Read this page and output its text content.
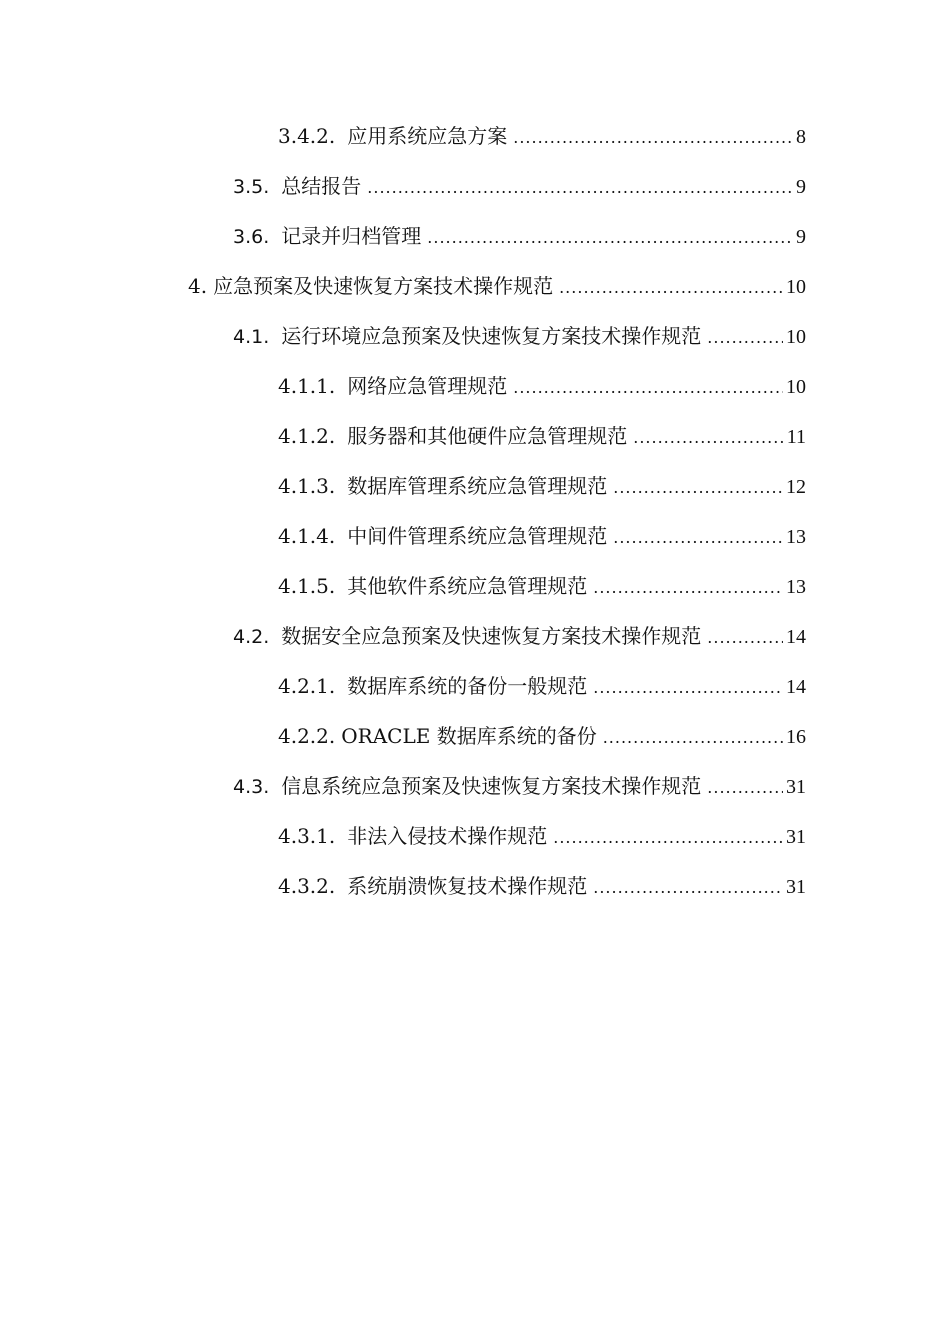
3.4.2. 应用系统应急方案 .....	8
3.5. 总结报告 .....	9
3.6. 记录并归档管理 .....	9
4. 应急预案及快速恢复方案技术操作规范 .....	10
4.1. 运行环境应急预案及快速恢复方案技术操作规范 .....	10
4.1.1. 网络应急管理规范 .....	10
4.1.2. 服务器和其他硬件应急管理规范 .....	11
4.1.3. 数据库管理系统应急管理规范 .....	12
4.1.4. 中间件管理系统应急管理规范 .....	13
4.1.5. 其他软件系统应急管理规范 .....	13
4.2. 数据安全应急预案及快速恢复方案技术操作规范 .....	14
4.2.1. 数据库系统的备份一般规范 .....	14
4.2.2. ORACLE 数据库系统的备份 .....	16
4.3. 信息系统应急预案及快速恢复方案技术操作规范 .....	31
4.3.1. 非法入侵技术操作规范 .....	31
4.3.2. 系统崩溃恢复技术操作规范 .....	31
